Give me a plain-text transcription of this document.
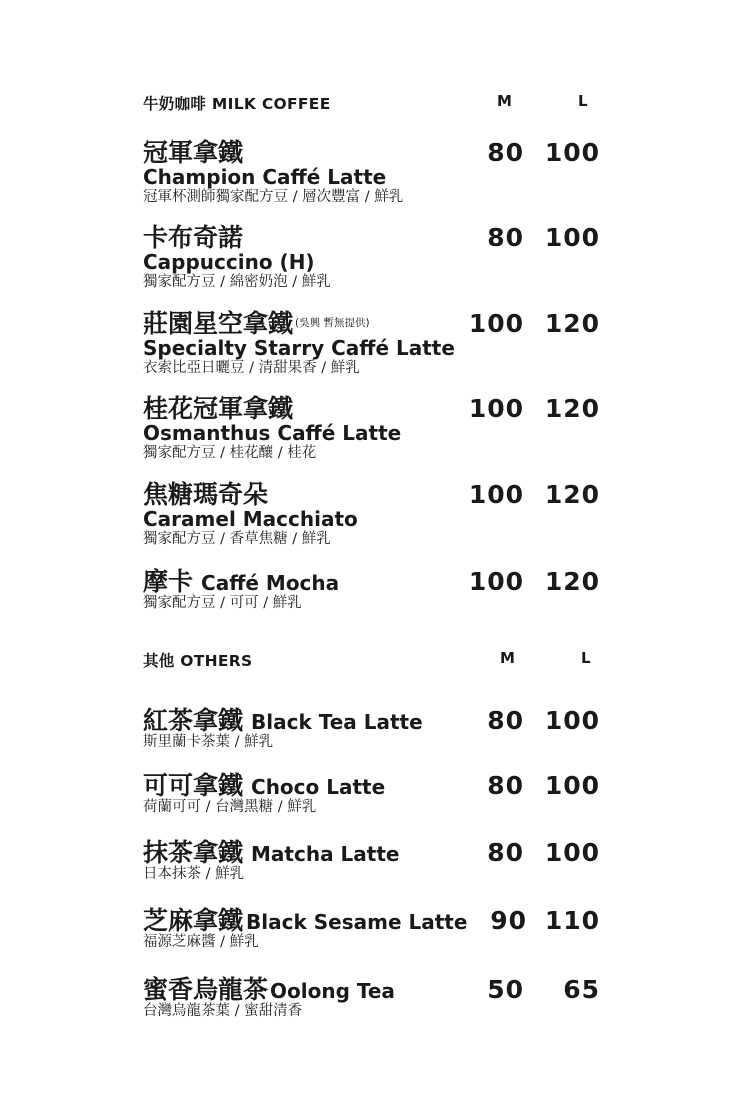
牛奶咖啡 MILK COFFEE	M	L
冠軍拿鐵
Champion Caffé Latte
冠軍杯測師獨家配方豆 / 層次豐富 / 鮮乳
80 100
卡布奇諾
Cappuccino (H)
獨家配方豆 / 綿密奶泡 / 鮮乳
80 100
莊園星空拿鐵 $^{(吳興 暫無提供)}$
Specialty Starry Caffé Latte
衣索比亞日曬豆 / 清甜果香 / 鮮乳
100 120
桂花冠軍拿鐵
Osmanthus Caffé Latte
獨家配方豆 / 桂花釀 / 桂花
100 120
焦糖瑪奇朵
Caramel Macchiato
獨家配方豆 / 香草焦糖 / 鮮乳
100 120
摩卡 Caffé Mocha
獨家配方豆 / 可可 / 鮮乳
100 120
其他 OTHERS	M	L
紅茶拿鐵 Black Tea Latte
斯里蘭卡茶葉 / 鮮乳
80 100
可可拿鐵 Choco Latte
荷蘭可可 / 台灣黑糖 / 鮮乳
80 100
抹茶拿鐵 Matcha Latte
日本抹茶 / 鮮乳
80 100
芝麻拿鐵 Black Sesame Latte
福源芝麻醬 / 鮮乳
90 110
蜜香烏龍茶 Oolong Tea
台灣烏龍茶葉 / 蜜甜清香
50	65
